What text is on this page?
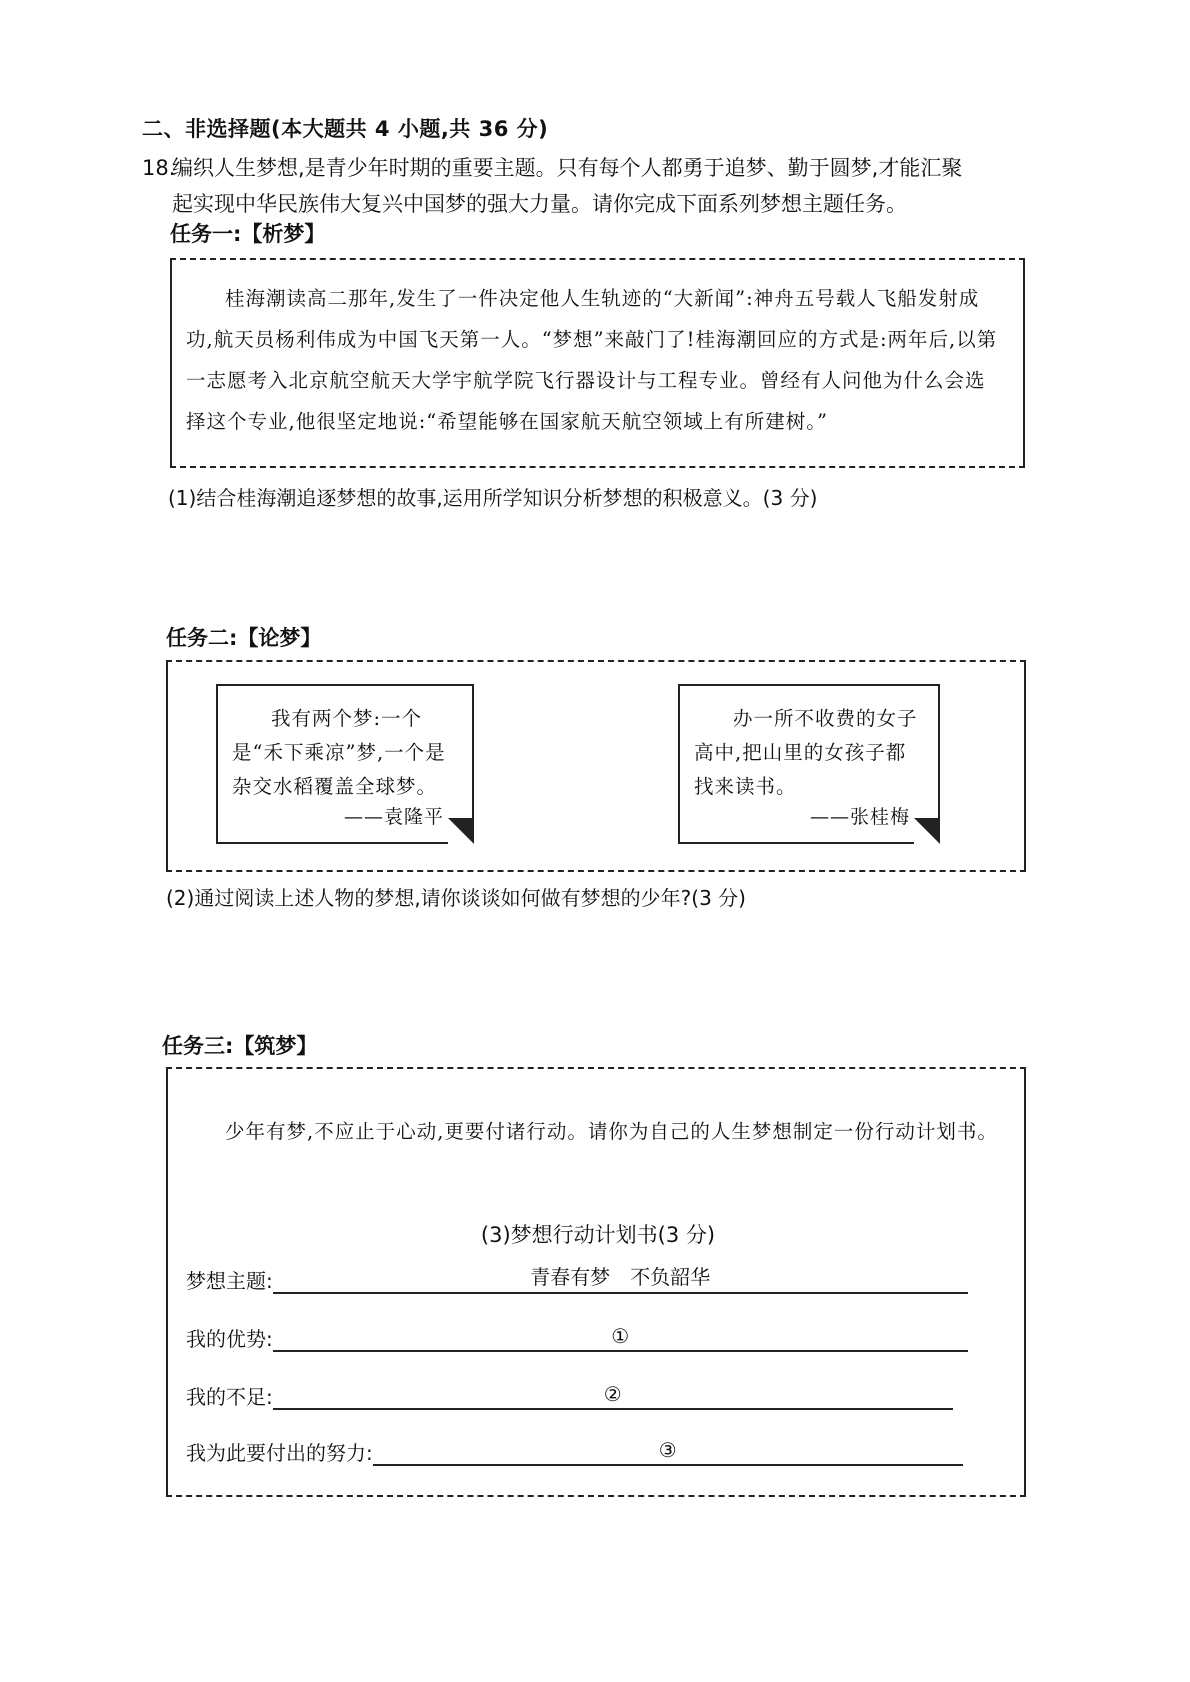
二、非选择题(本大题共 4 小题,共 36 分)
18.编织人生梦想,是青少年时期的重要主题。只有每个人都勇于追梦、勤于圆梦,才能汇聚
起实现中华民族伟大复兴中国梦的强大力量。请你完成下面系列梦想主题任务。
任务一:【析梦】
桂海潮读高二那年,发生了一件决定他人生轨迹的“大新闻”:神舟五号载人飞船发射成功,航天员杨利伟成为中国飞天第一人。“梦想”来敲门了!桂海潮回应的方式是:两年后,以第一志愿考入北京航空航天大学宇航学院飞行器设计与工程专业。曾经有人问他为什么会选择这个专业,他很坚定地说:“希望能够在国家航天航空领域上有所建树。”
(1)结合桂海潮追逐梦想的故事,运用所学知识分析梦想的积极意义。(3 分)
任务二:【论梦】
我有两个梦:一个是“禾下乘凉”梦,一个是杂交水稻覆盖全球梦。
——袁隆平
办一所不收费的女子高中,把山里的女孩子都找来读书。
——张桂梅
(2)通过阅读上述人物的梦想,请你谈谈如何做有梦想的少年?(3 分)
任务三:【筑梦】
少年有梦,不应止于心动,更要付诸行动。请你为自己的人生梦想制定一份行动计划书。
(3)梦想行动计划书(3 分)
梦想主题:	青春有梦　不负韶华
我的优势:	①
我的不足:	②
我为此要付出的努力:	③
